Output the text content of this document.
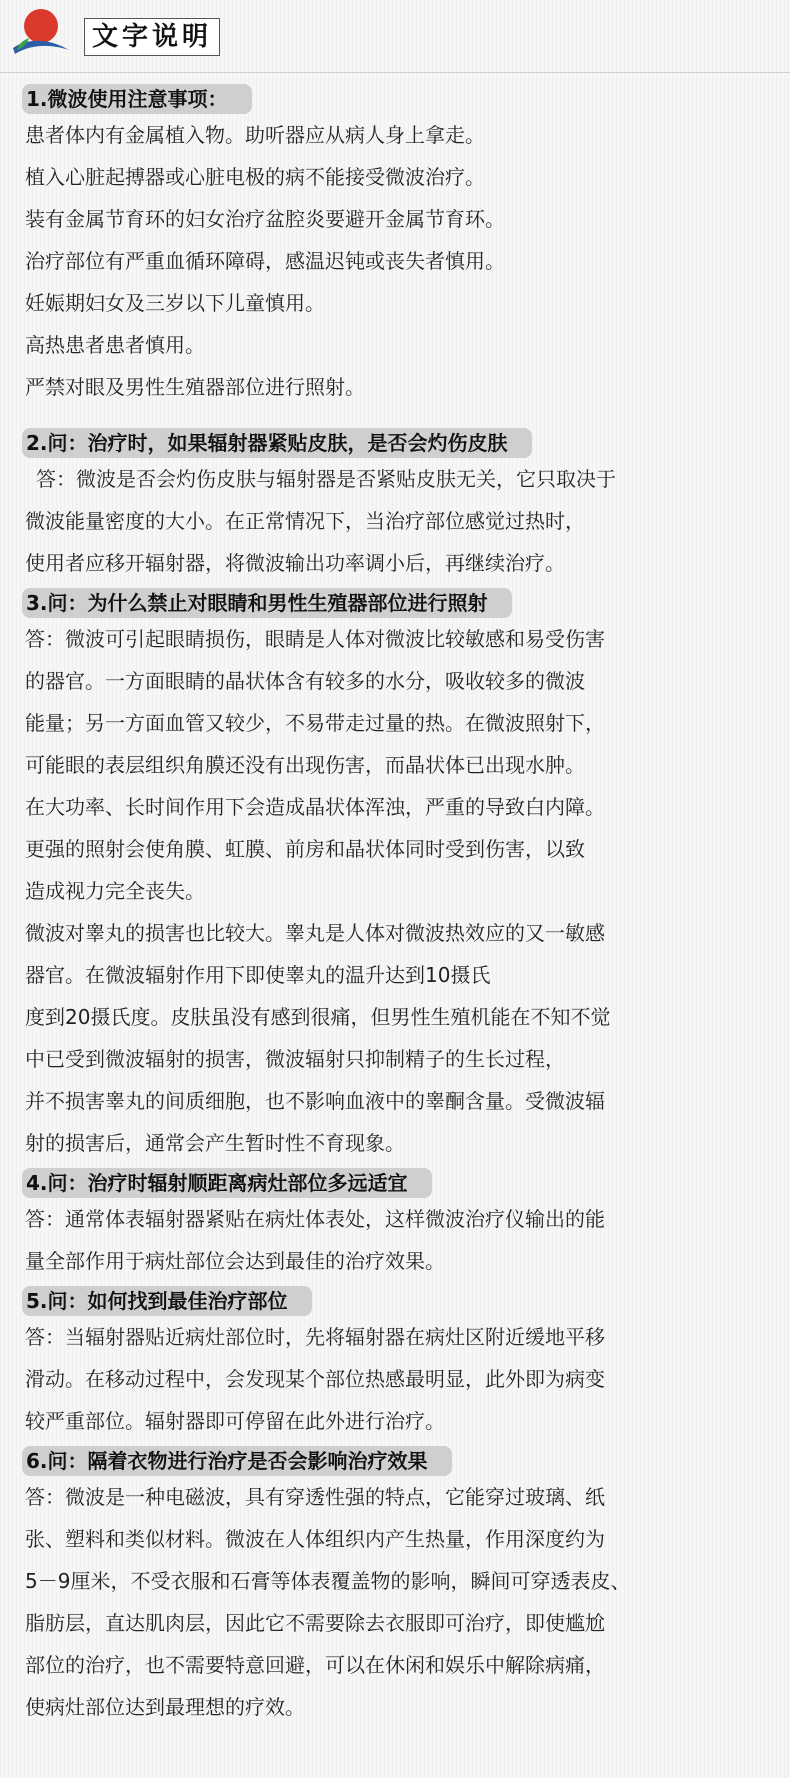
文字说明
1.微波使用注意事项：
患者体内有金属植入物。助听器应从病人身上拿走。
植入心脏起搏器或心脏电极的病不能接受微波治疗。
装有金属节育环的妇女治疗盆腔炎要避开金属节育环。
治疗部位有严重血循环障碍，感温迟钝或丧失者慎用。
妊娠期妇女及三岁以下儿童慎用。
高热患者患者慎用。
严禁对眼及男性生殖器部位进行照射。
2.问：治疗时，如果辐射器紧贴皮肤，是否会灼伤皮肤
答：微波是否会灼伤皮肤与辐射器是否紧贴皮肤无关，它只取决于
微波能量密度的大小。在正常情况下，当治疗部位感觉过热时，
使用者应移开辐射器，将微波输出功率调小后，再继续治疗。
3.问：为什么禁止对眼睛和男性生殖器部位进行照射
答：微波可引起眼睛损伤，眼睛是人体对微波比较敏感和易受伤害
的器官。一方面眼睛的晶状体含有较多的水分，吸收较多的微波
能量；另一方面血管又较少，不易带走过量的热。在微波照射下，
可能眼的表层组织角膜还没有出现伤害，而晶状体已出现水肿。
在大功率、长时间作用下会造成晶状体浑浊，严重的导致白内障。
更强的照射会使角膜、虹膜、前房和晶状体同时受到伤害，以致
造成视力完全丧失。
微波对睾丸的损害也比较大。睾丸是人体对微波热效应的又一敏感
器官。在微波辐射作用下即使睾丸的温升达到10摄氏
度到20摄氏度。皮肤虽没有感到很痛，但男性生殖机能在不知不觉
中已受到微波辐射的损害，微波辐射只抑制精子的生长过程，
并不损害睾丸的间质细胞，也不影响血液中的睾酮含量。受微波辐
射的损害后，通常会产生暂时性不育现象。
4.问：治疗时辐射顺距离病灶部位多远适宜
答：通常体表辐射器紧贴在病灶体表处，这样微波治疗仪输出的能
量全部作用于病灶部位会达到最佳的治疗效果。
5.问：如何找到最佳治疗部位
答：当辐射器贴近病灶部位时，先将辐射器在病灶区附近缓地平移
滑动。在移动过程中，会发现某个部位热感最明显，此外即为病变
较严重部位。辐射器即可停留在此外进行治疗。
6.问：隔着衣物进行治疗是否会影响治疗效果
答：微波是一种电磁波，具有穿透性强的特点，它能穿过玻璃、纸
张、塑料和类似材料。微波在人体组织内产生热量，作用深度约为
5－9厘米，不受衣服和石膏等体表覆盖物的影响，瞬间可穿透表皮、
脂肪层，直达肌肉层，因此它不需要除去衣服即可治疗，即使尴尬
部位的治疗，也不需要特意回避，可以在休闲和娱乐中解除病痛，
使病灶部位达到最理想的疗效。
